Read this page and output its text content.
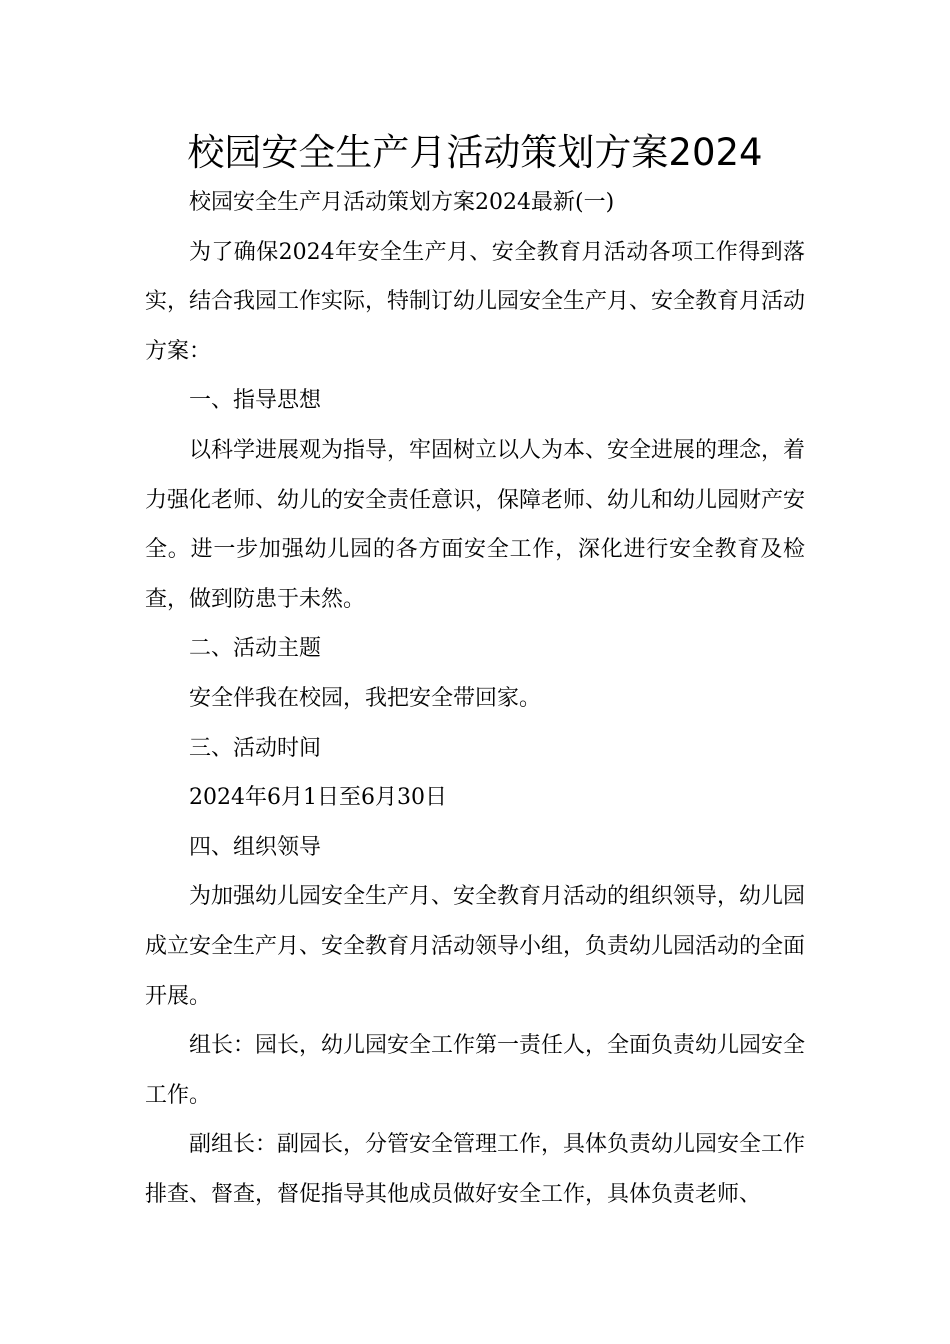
校园安全生产月活动策划方案2024

校园安全生产月活动策划方案2024最新(一)

为了确保2024年安全生产月、安全教育月活动各项工作得到落实，结合我园工作实际，特制订幼儿园安全生产月、安全教育月活动方案：

一、指导思想

以科学进展观为指导，牢固树立以人为本、安全进展的理念，着力强化老师、幼儿的安全责任意识，保障老师、幼儿和幼儿园财产安全。进一步加强幼儿园的各方面安全工作，深化进行安全教育及检查，做到防患于未然。

二、活动主题

安全伴我在校园，我把安全带回家。

三、活动时间

2024年6月1日至6月30日

四、组织领导

为加强幼儿园安全生产月、安全教育月活动的组织领导，幼儿园成立安全生产月、安全教育月活动领导小组，负责幼儿园活动的全面开展。

组长：园长，幼儿园安全工作第一责任人，全面负责幼儿园安全工作。

副组长：副园长，分管安全管理工作，具体负责幼儿园安全工作排查、督查，督促指导其他成员做好安全工作，具体负责老师、
